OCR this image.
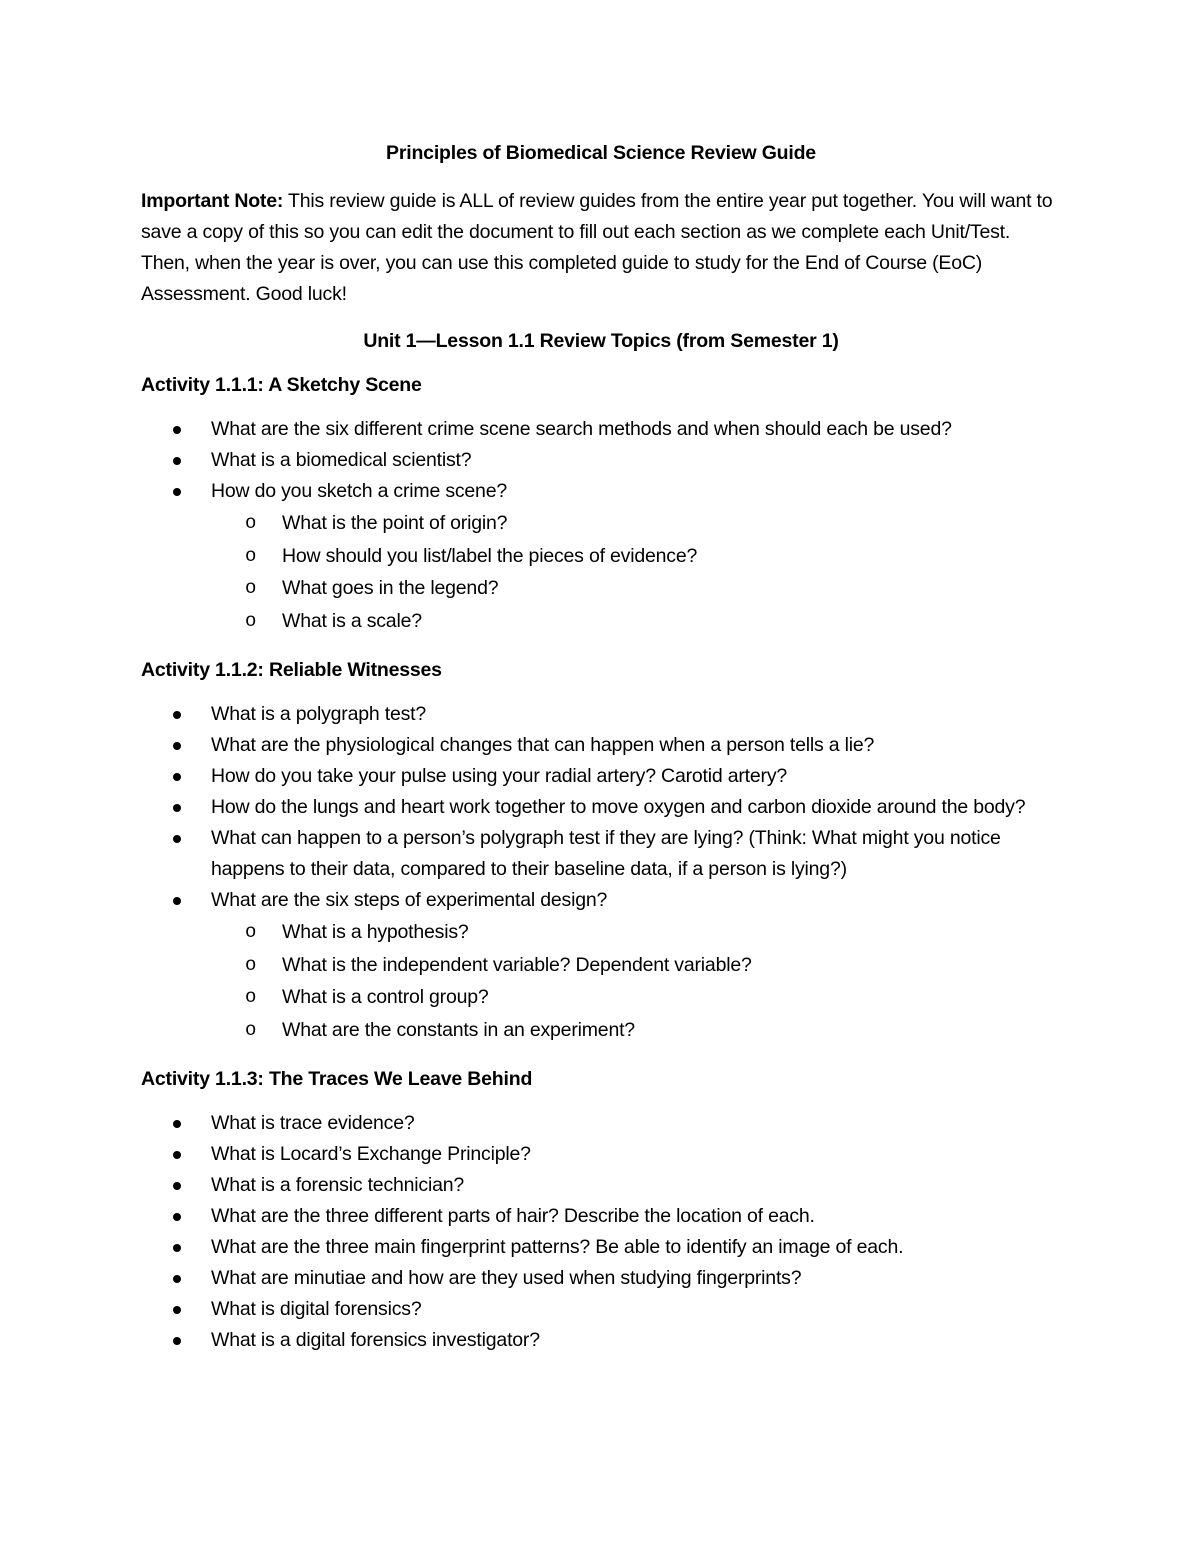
Principles of Biomedical Science Review Guide

Important Note: This review guide is ALL of review guides from the entire year put together. You will want to save a copy of this so you can edit the document to fill out each section as we complete each Unit/Test. Then, when the year is over, you can use this completed guide to study for the End of Course (EoC) Assessment. Good luck!

Unit 1—Lesson 1.1 Review Topics (from Semester 1)
Activity 1.1.1: A Sketchy Scene
What are the six different crime scene search methods and when should each be used?
What is a biomedical scientist?
How do you sketch a crime scene?
o What is the point of origin?
o How should you list/label the pieces of evidence?
o What goes in the legend?
o What is a scale?
Activity 1.1.2: Reliable Witnesses
What is a polygraph test?
What are the physiological changes that can happen when a person tells a lie?
How do you take your pulse using your radial artery? Carotid artery?
How do the lungs and heart work together to move oxygen and carbon dioxide around the body?
What can happen to a person’s polygraph test if they are lying? (Think: What might you notice happens to their data, compared to their baseline data, if a person is lying?)
What are the six steps of experimental design?
o What is a hypothesis?
o What is the independent variable? Dependent variable?
o What is a control group?
o What are the constants in an experiment?
Activity 1.1.3: The Traces We Leave Behind
What is trace evidence?
What is Locard’s Exchange Principle?
What is a forensic technician?
What are the three different parts of hair? Describe the location of each.
What are the three main fingerprint patterns? Be able to identify an image of each.
What are minutiae and how are they used when studying fingerprints?
What is digital forensics?
What is a digital forensics investigator?
